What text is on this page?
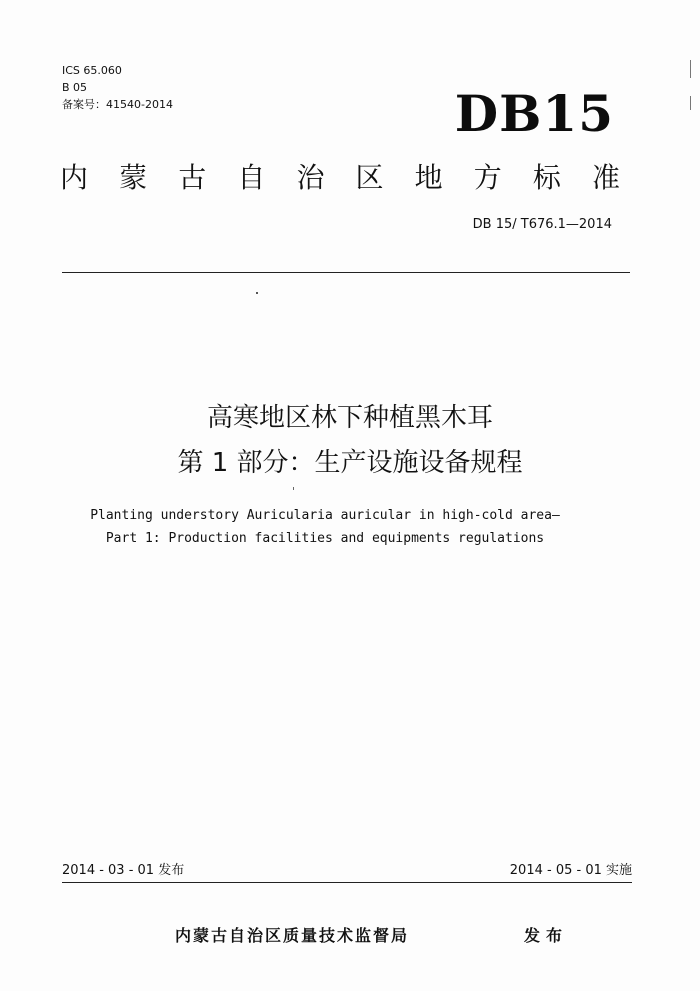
ICS 65.060
B 05
备案号：41540-2014	DB15
内 蒙 古 自 治 区 地 方 标 准
DB 15/ T676.1—2014
高寒地区林下种植黑木耳
第 1 部分：生产设施设备规程
Planting understory Auricularia auricular in high-cold area—
Part 1: Production facilities and equipments regulations
2014 - 03 - 01 发布	2014 - 05 - 01 实施
内蒙古自治区质量技术监督局	发布
